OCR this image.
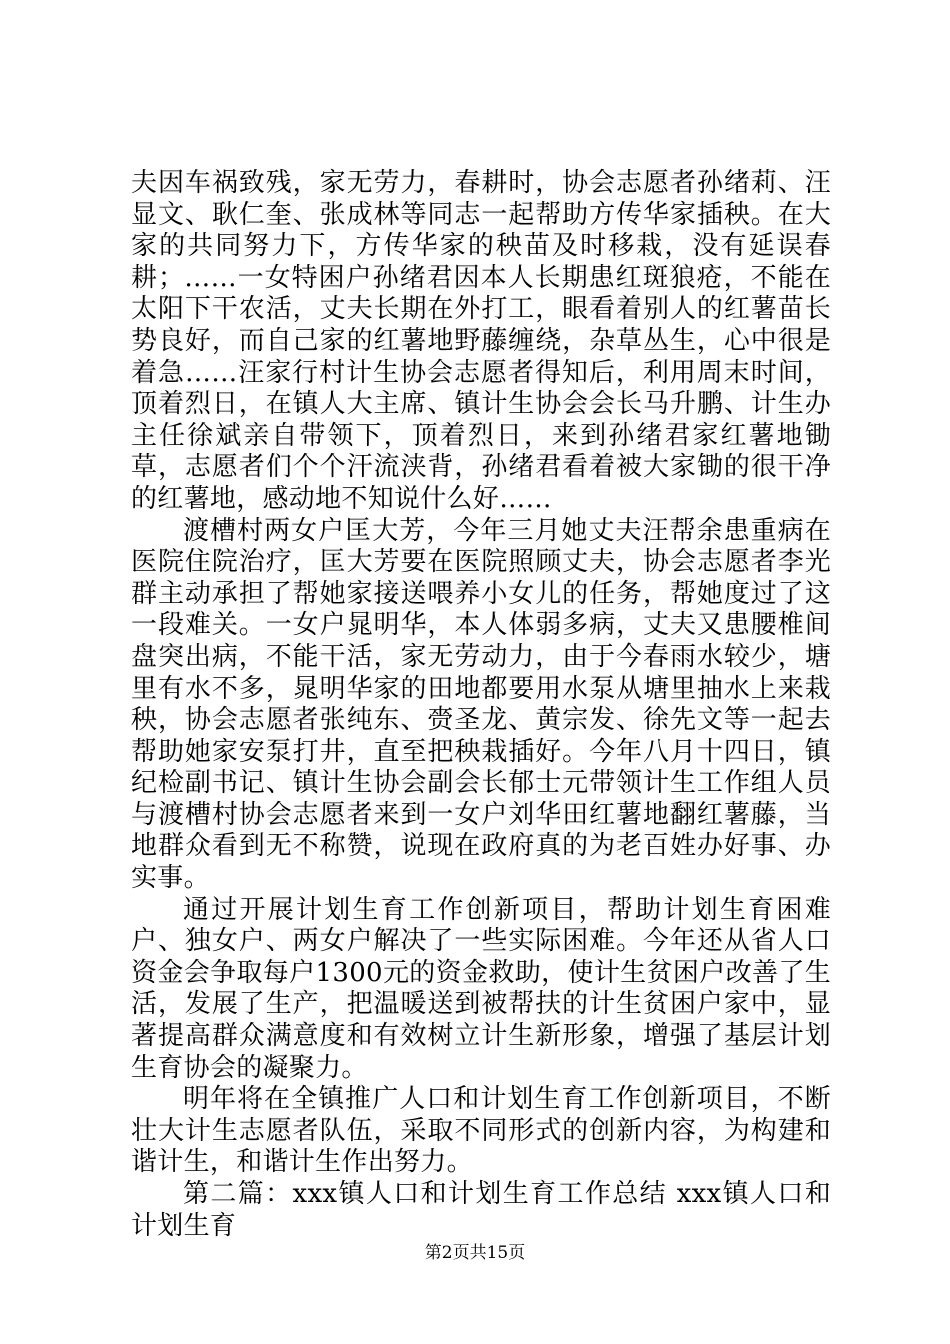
夫因车祸致残，家无劳力，春耕时，协会志愿者孙绪莉、汪显文、耿仁奎、张成林等同志一起帮助方传华家插秧。在大家的共同努力下，方传华家的秧苗及时移栽，没有延误春耕；……一女特困户孙绪君因本人长期患红斑狼疮，不能在太阳下干农活，丈夫长期在外打工，眼看着别人的红薯苗长势良好，而自己家的红薯地野藤缠绕，杂草丛生，心中很是着急……汪家行村计生协会志愿者得知后，利用周末时间，顶着烈日，在镇人大主席、镇计生协会会长马升鹏、计生办主任徐斌亲自带领下，顶着烈日，来到孙绪君家红薯地锄草，志愿者们个个汗流浃背，孙绪君看着被大家锄的很干净的红薯地，感动地不知说什么好……

渡槽村两女户匡大芳，今年三月她丈夫汪帮余患重病在医院住院治疗，匡大芳要在医院照顾丈夫，协会志愿者李光群主动承担了帮她家接送喂养小女儿的任务，帮她度过了这一段难关。一女户晁明华，本人体弱多病，丈夫又患腰椎间盘突出病，不能干活，家无劳动力，由于今春雨水较少，塘里有水不多，晁明华家的田地都要用水泵从塘里抽水上来栽秧，协会志愿者张纯东、赍圣龙、黄宗发、徐先文等一起去帮助她家安泵打井，直至把秧栽插好。今年八月十四日，镇纪检副书记、镇计生协会副会长郁士元带领计生工作组人员与渡槽村协会志愿者来到一女户刘华田红薯地翻红薯藤，当地群众看到无不称赞，说现在政府真的为老百姓办好事、办实事。

通过开展计划生育工作创新项目，帮助计划生育困难户、独女户、两女户解决了一些实际困难。今年还从省人口资金会争取每户1300元的资金救助，使计生贫困户改善了生活，发展了生产，把温暖送到被帮扶的计生贫困户家中，显著提高群众满意度和有效树立计生新形象，增强了基层计划生育协会的凝聚力。

明年将在全镇推广人口和计划生育工作创新项目，不断壮大计生志愿者队伍，采取不同形式的创新内容，为构建和谐计生，和谐计生作出努力。

第二篇：xxx镇人口和计划生育工作总结 xxx镇人口和计划生育

第2页共15页
